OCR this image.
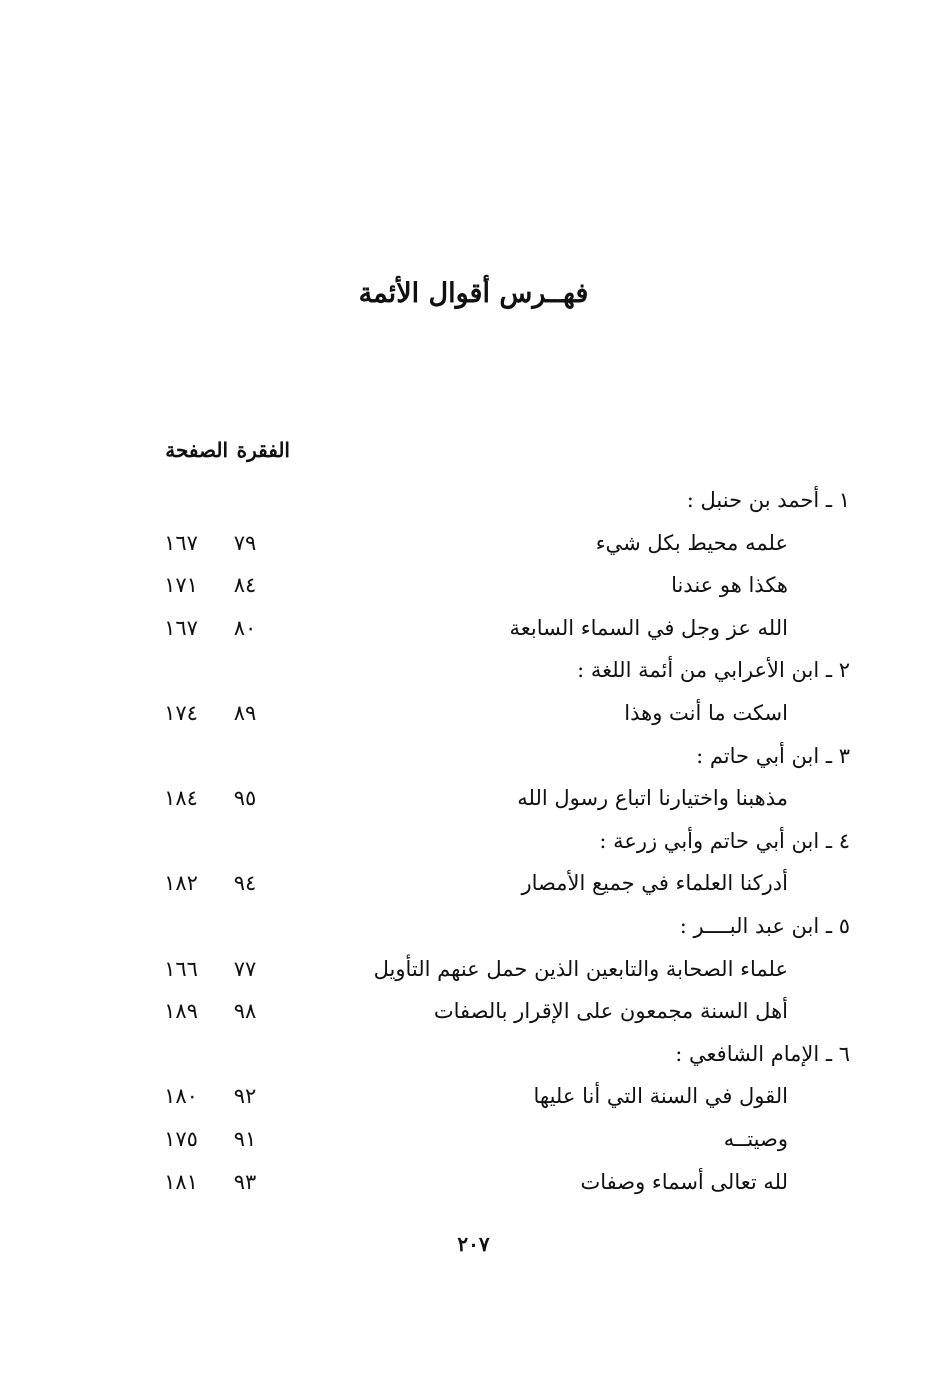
فهــرس أقوال الأئمة
الفقرة
الصفحة
١ ـ أحمد بن حنبل :
علمه محيط بكل شيء
٧٩
١٦٧
هكذا هو عندنا
٨٤
١٧١
الله عز وجل في السماء السابعة
٨٠
١٦٧
٢ ـ ابن الأعرابي من أئمة اللغة :
اسكت ما أنت وهذا
٨٩
١٧٤
٣ ـ ابن أبي حاتم :
مذهبنا واختيارنا اتباع رسول الله
٩٥
١٨٤
٤ ـ ابن أبي حاتم وأبي زرعة :
أدركنا العلماء في جميع الأمصار
٩٤
١٨٢
٥ ـ ابن عبد البــــر :
علماء الصحابة والتابعين الذين حمل عنهم التأويل
٧٧
١٦٦
أهل السنة مجمعون على الإقرار بالصفات
٩٨
١٨٩
٦ ـ الإمام الشافعي :
القول في السنة التي أنا عليها
٩٢
١٨٠
وصيتــه
٩١
١٧٥
لله تعالى أسماء وصفات
٩٣
١٨١
٢٠٧
